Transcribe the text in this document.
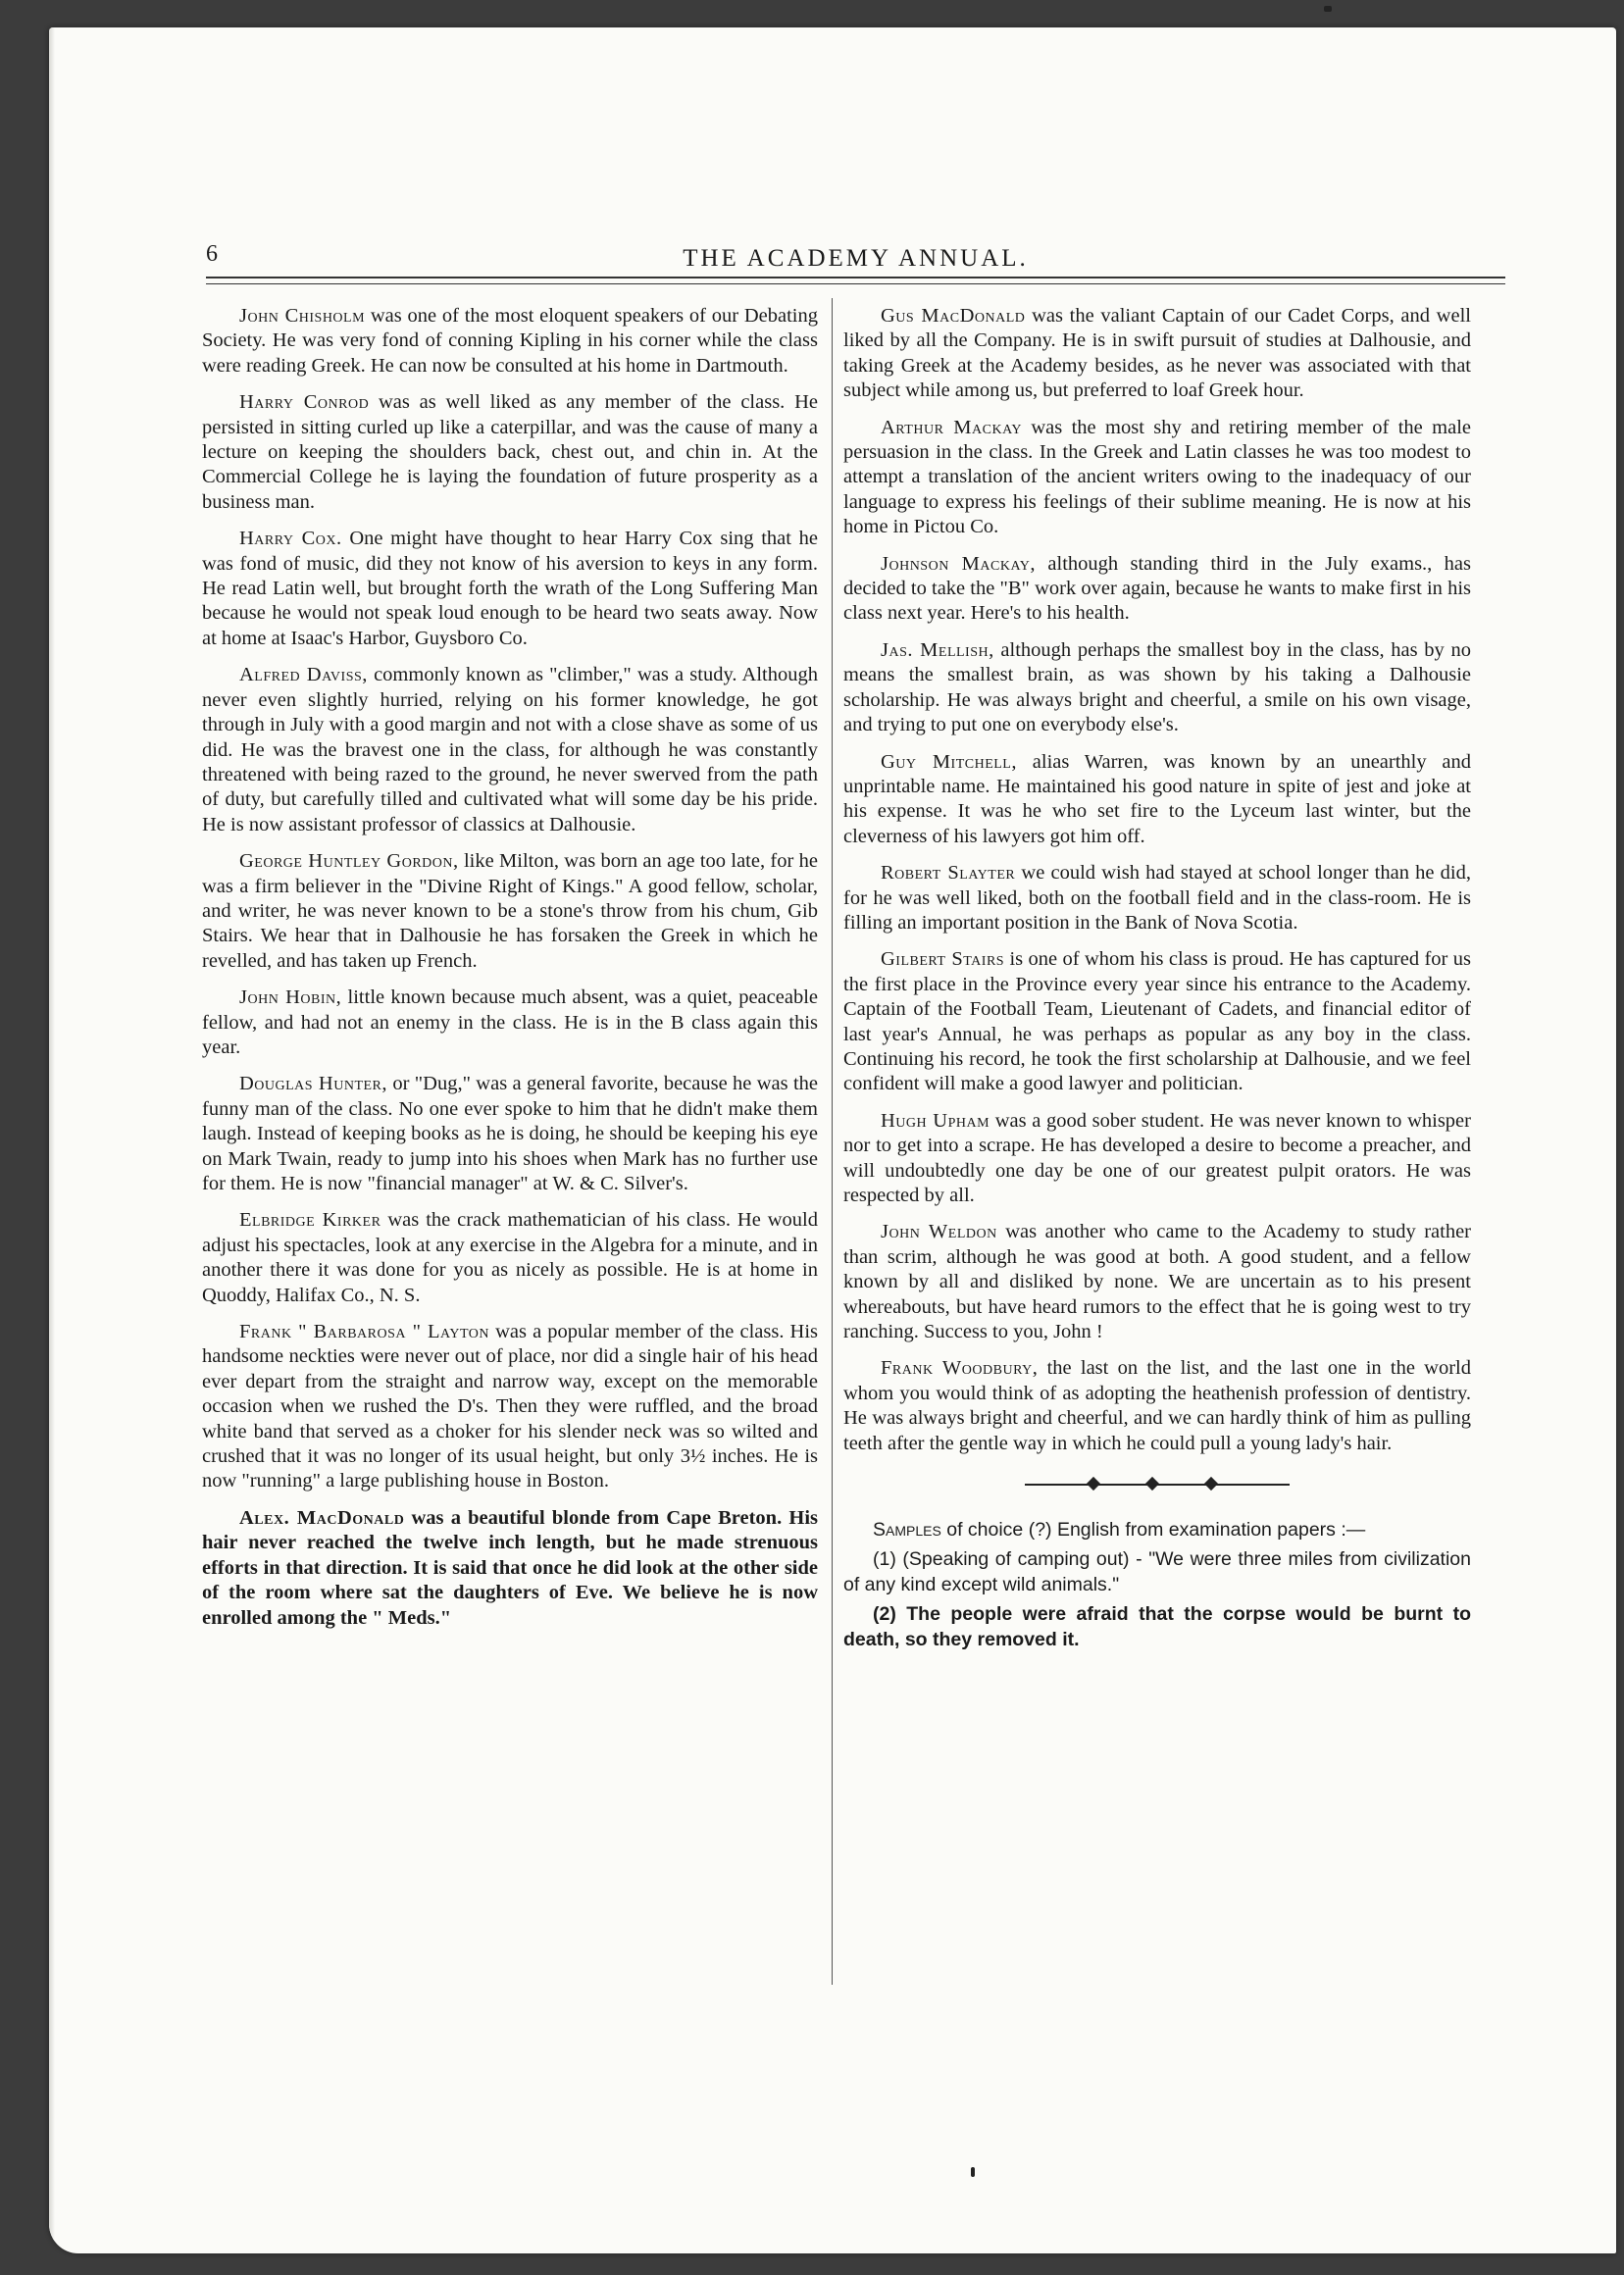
6	THE ACADEMY ANNUAL.

John Chisholm was one of the most eloquent speakers of our Debating Society. He was very fond of conning Kipling in his corner while the class were reading Greek. He can now be consulted at his home in Dartmouth.

Harry Conrod was as well liked as any member of the class. He persisted in sitting curled up like a caterpillar, and was the cause of many a lecture on keeping the shoulders back, chest out, and chin in. At the Commercial College he is laying the foundation of future prosperity as a business man.

Harry Cox. One might have thought to hear Harry Cox sing that he was fond of music, did they not know of his aversion to keys in any form. He read Latin well, but brought forth the wrath of the Long Suffering Man because he would not speak loud enough to be heard two seats away. Now at home at Isaac's Harbor, Guysboro Co.

Alfred Daviss, commonly known as "climber," was a study. Although never even slightly hurried, relying on his former knowledge, he got through in July with a good margin and not with a close shave as some of us did. He was the bravest one in the class, for although he was constantly threatened with being razed to the ground, he never swerved from the path of duty, but carefully tilled and cultivated what will some day be his pride. He is now assistant professor of classics at Dalhousie.

George Huntley Gordon, like Milton, was born an age too late, for he was a firm believer in the "Divine Right of Kings." A good fellow, scholar, and writer, he was never known to be a stone's throw from his chum, Gib Stairs. We hear that in Dalhousie he has forsaken the Greek in which he revelled, and has taken up French.

John Hobin, little known because much absent, was a quiet, peaceable fellow, and had not an enemy in the class. He is in the B class again this year.

Douglas Hunter, or "Dug," was a general favorite, because he was the funny man of the class. No one ever spoke to him that he didn't make them laugh. Instead of keeping books as he is doing, he should be keeping his eye on Mark Twain, ready to jump into his shoes when Mark has no further use for them. He is now "financial manager" at W. & C. Silver's.

Elbridge Kirker was the crack mathematician of his class. He would adjust his spectacles, look at any exercise in the Algebra for a minute, and in another there it was done for you as nicely as possible. He is at home in Quoddy, Halifax Co., N. S.

Frank " Barbarosa " Layton was a popular member of the class. His handsome neckties were never out of place, nor did a single hair of his head ever depart from the straight and narrow way, except on the memorable occasion when we rushed the D's. Then they were ruffled, and the broad white band that served as a choker for his slender neck was so wilted and crushed that it was no longer of its usual height, but only 3½ inches. He is now "running" a large publishing house in Boston.

Alex. MacDonald was a beautiful blonde from Cape Breton. His hair never reached the twelve inch length, but he made strenuous efforts in that direction. It is said that once he did look at the other side of the room where sat the daughters of Eve. We believe he is now enrolled among the " Meds."

Gus MacDonald was the valiant Captain of our Cadet Corps, and well liked by all the Company. He is in swift pursuit of studies at Dalhousie, and taking Greek at the Academy besides, as he never was associated with that subject while among us, but preferred to loaf Greek hour.

Arthur Mackay was the most shy and retiring member of the male persuasion in the class. In the Greek and Latin classes he was too modest to attempt a translation of the ancient writers owing to the inadequacy of our language to express his feelings of their sublime meaning. He is now at his home in Pictou Co.

Johnson Mackay, although standing third in the July exams., has decided to take the "B" work over again, because he wants to make first in his class next year. Here's to his health.

Jas. Mellish, although perhaps the smallest boy in the class, has by no means the smallest brain, as was shown by his taking a Dalhousie scholarship. He was always bright and cheerful, a smile on his own visage, and trying to put one on everybody else's.

Guy Mitchell, alias Warren, was known by an unearthly and unprintable name. He maintained his good nature in spite of jest and joke at his expense. It was he who set fire to the Lyceum last winter, but the cleverness of his lawyers got him off.

Robert Slayter we could wish had stayed at school longer than he did, for he was well liked, both on the football field and in the class-room. He is filling an important position in the Bank of Nova Scotia.

Gilbert Stairs is one of whom his class is proud. He has captured for us the first place in the Province every year since his entrance to the Academy. Captain of the Football Team, Lieutenant of Cadets, and financial editor of last year's Annual, he was perhaps as popular as any boy in the class. Continuing his record, he took the first scholarship at Dalhousie, and we feel confident will make a good lawyer and politician.

Hugh Upham was a good sober student. He was never known to whisper nor to get into a scrape. He has developed a desire to become a preacher, and will undoubtedly one day be one of our greatest pulpit orators. He was respected by all.

John Weldon was another who came to the Academy to study rather than scrim, although he was good at both. A good student, and a fellow known by all and disliked by none. We are uncertain as to his present whereabouts, but have heard rumors to the effect that he is going west to try ranching. Success to you, John !

Frank Woodbury, the last on the list, and the last one in the world whom you would think of as adopting the heathenish profession of dentistry. He was always bright and cheerful, and we can hardly think of him as pulling teeth after the gentle way in which he could pull a young lady's hair.

Samples of choice (?) English from examination papers :—

(1) (Speaking of camping out) - "We were three miles from civilization of any kind except wild animals."

(2) The people were afraid that the corpse would be burnt to death, so they removed it.
